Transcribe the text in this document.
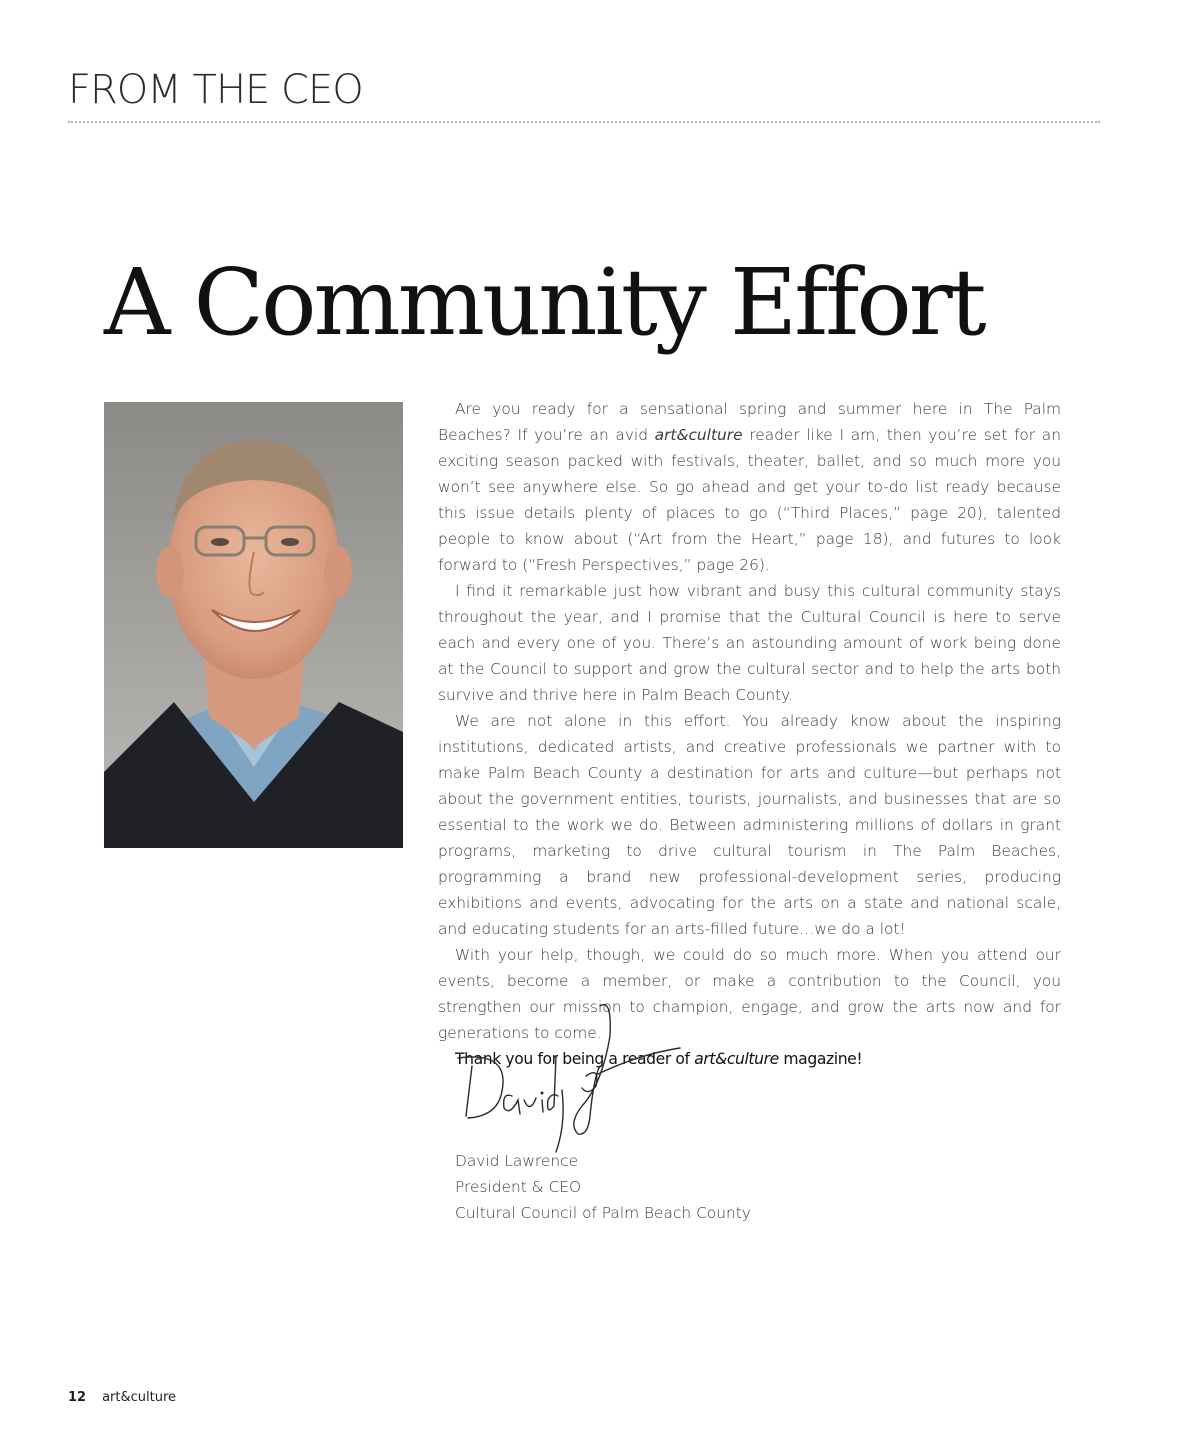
FROM THE CEO
A Community Effort

Are you ready for a sensational spring and summer here in The Palm Beaches? If you’re an avid art&culture reader like I am, then you’re set for an exciting season packed with festivals, theater, ballet, and so much more you won’t see anywhere else. So go ahead and get your to-do list ready because this issue details plenty of places to go (“Third Places,” page 20), talented people to know about (“Art from the Heart,” page 18), and futures to look forward to (“Fresh Perspectives,” page 26).

I find it remarkable just how vibrant and busy this cultural community stays throughout the year, and I promise that the Cultural Council is here to serve each and every one of you. There’s an astounding amount of work being done at the Council to support and grow the cultural sector and to help the arts both survive and thrive here in Palm Beach County.

We are not alone in this effort. You already know about the inspiring institutions, dedicated artists, and creative professionals we partner with to make Palm Beach County a destination for arts and culture—but perhaps not about the government entities, tourists, journalists, and businesses that are so essential to the work we do. Between administering millions of dollars in grant programs, marketing to drive cultural tourism in The Palm Beaches, programming a brand new professional-development series, producing exhibitions and events, advocating for the arts on a state and national scale, and educating students for an arts-filled future…we do a lot!

With your help, though, we could do so much more. When you attend our events, become a member, or make a contribution to the Council, you strengthen our mission to champion, engage, and grow the arts now and for generations to come.

Thank you for being a reader of art&culture magazine!
David Lawrence
President & CEO
Cultural Council of Palm Beach County
12 art&culture
